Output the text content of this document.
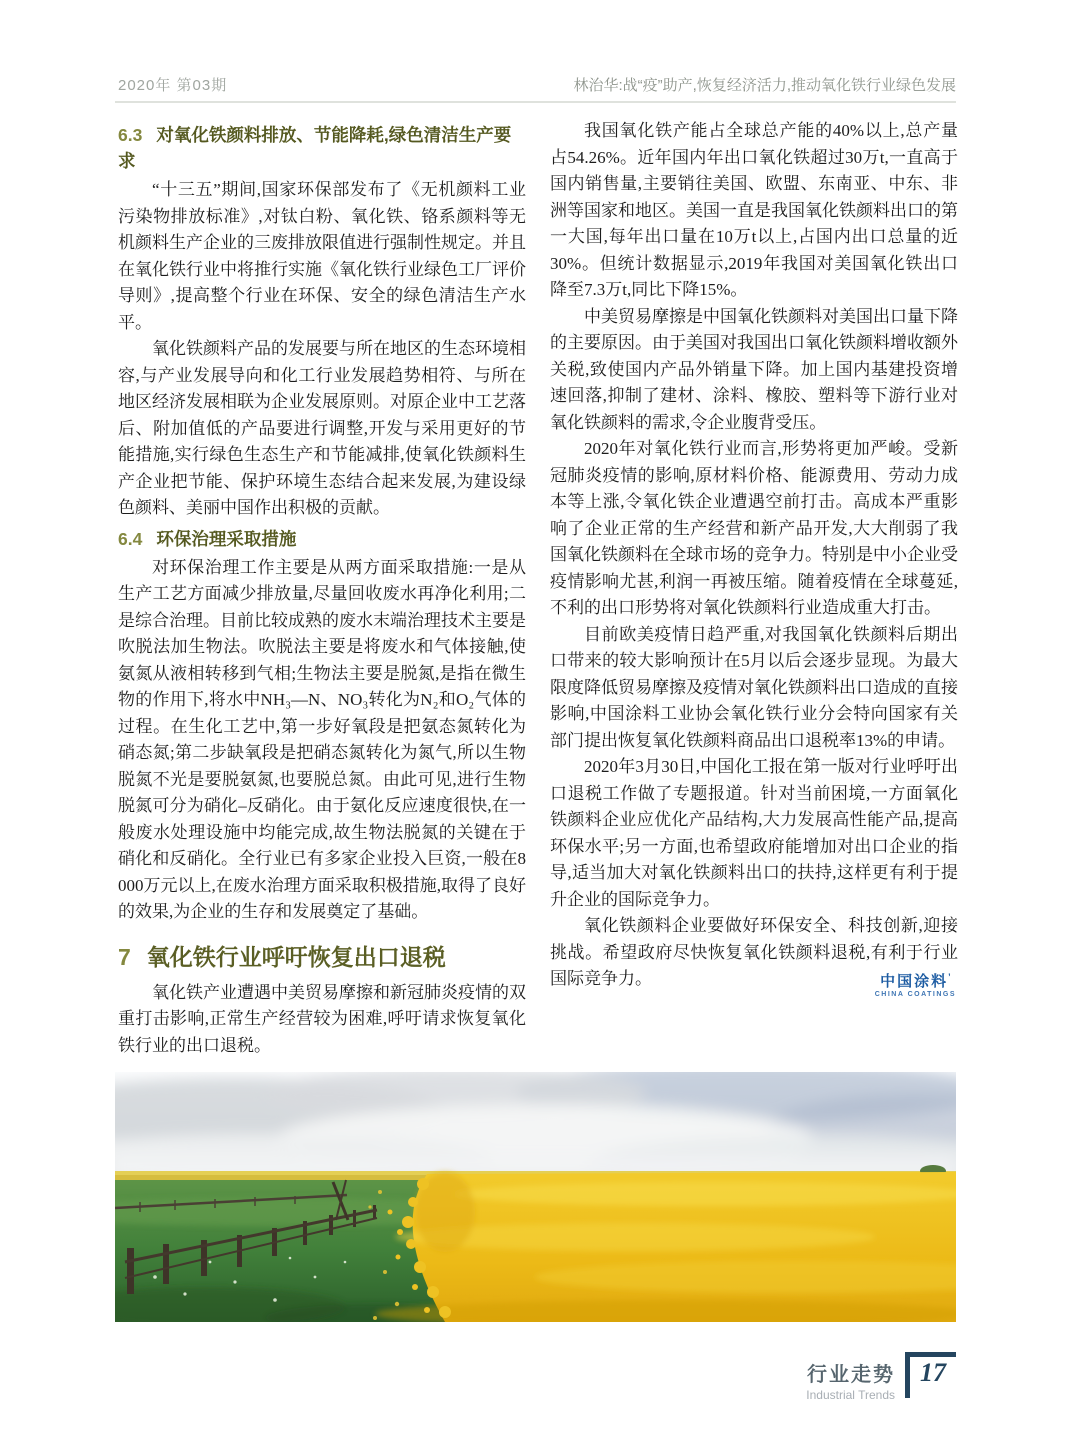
2020年 第03期	林治华:战“疫”助产,恢复经济活力,推动氧化铁行业绿色发展
6.3 对氧化铁颜料排放、节能降耗,绿色清洁生产要求

“十三五”期间,国家环保部发布了《无机颜料工业污染物排放标准》,对钛白粉、氧化铁、铬系颜料等无机颜料生产企业的三废排放限值进行强制性规定。并且在氧化铁行业中将推行实施《氧化铁行业绿色工厂评价导则》,提高整个行业在环保、安全的绿色清洁生产水平。

氧化铁颜料产品的发展要与所在地区的生态环境相容,与产业发展导向和化工行业发展趋势相符、与所在地区经济发展相联为企业发展原则。对原企业中工艺落后、附加值低的产品要进行调整,开发与采用更好的节能措施,实行绿色生态生产和节能减排,使氧化铁颜料生产企业把节能、保护环境生态结合起来发展,为建设绿色颜料、美丽中国作出积极的贡献。

6.4 环保治理采取措施

对环保治理工作主要是从两方面采取措施:一是从生产工艺方面减少排放量,尽量回收废水再净化利用;二是综合治理。目前比较成熟的废水末端治理技术主要是吹脱法加生物法。吹脱法主要是将废水和气体接触,使氨氮从液相转移到气相;生物法主要是脱氮,是指在微生物的作用下,将水中NH₃—N、NO₃转化为N₂和O₂气体的过程。在生化工艺中,第一步好氧段是把氨态氮转化为硝态氮;第二步缺氧段是把硝态氮转化为氮气,所以生物脱氮不光是要脱氨氮,也要脱总氮。由此可见,进行生物脱氮可分为硝化–反硝化。由于氨化反应速度很快,在一般废水处理设施中均能完成,故生物法脱氮的关键在于硝化和反硝化。全行业已有多家企业投入巨资,一般在8 000万元以上,在废水治理方面采取积极措施,取得了良好的效果,为企业的生存和发展奠定了基础。

7 氧化铁行业呼吁恢复出口退税

氧化铁产业遭遇中美贸易摩擦和新冠肺炎疫情的双重打击影响,正常生产经营较为困难,呼吁请求恢复氧化铁行业的出口退税。

我国氧化铁产能占全球总产能的40%以上,总产量占54.26%。近年国内年出口氧化铁超过30万t,一直高于国内销售量,主要销往美国、欧盟、东南亚、中东、非洲等国家和地区。美国一直是我国氧化铁颜料出口的第一大国,每年出口量在10万t以上,占国内出口总量的近30%。但统计数据显示,2019年我国对美国氧化铁出口降至7.3万t,同比下降15%。

中美贸易摩擦是中国氧化铁颜料对美国出口量下降的主要原因。由于美国对我国出口氧化铁颜料增收额外关税,致使国内产品外销量下降。加上国内基建投资增速回落,抑制了建材、涂料、橡胶、塑料等下游行业对氧化铁颜料的需求,令企业腹背受压。

2020年对氧化铁行业而言,形势将更加严峻。受新冠肺炎疫情的影响,原材料价格、能源费用、劳动力成本等上涨,令氧化铁企业遭遇空前打击。高成本严重影响了企业正常的生产经营和新产品开发,大大削弱了我国氧化铁颜料在全球市场的竞争力。特别是中小企业受疫情影响尤甚,利润一再被压缩。随着疫情在全球蔓延,不利的出口形势将对氧化铁颜料行业造成重大打击。

目前欧美疫情日趋严重,对我国氧化铁颜料后期出口带来的较大影响预计在5月以后会逐步显现。为最大限度降低贸易摩擦及疫情对氧化铁颜料出口造成的直接影响,中国涂料工业协会氧化铁行业分会特向国家有关部门提出恢复氧化铁颜料商品出口退税率13%的申请。

2020年3月30日,中国化工报在第一版对行业呼吁出口退税工作做了专题报道。针对当前困境,一方面氧化铁颜料企业应优化产品结构,大力发展高性能产品,提高环保水平;另一方面,也希望政府能增加对出口企业的指导,适当加大对氧化铁颜料出口的扶持,这样更有利于提升企业的国际竞争力。

氧化铁颜料企业要做好环保安全、科技创新,迎接挑战。希望政府尽快恢复氧化铁颜料退税,有利于行业国际竞争力。	中国涂料’
CHINA COATINGS
行业走势
Industrial Trends
17
